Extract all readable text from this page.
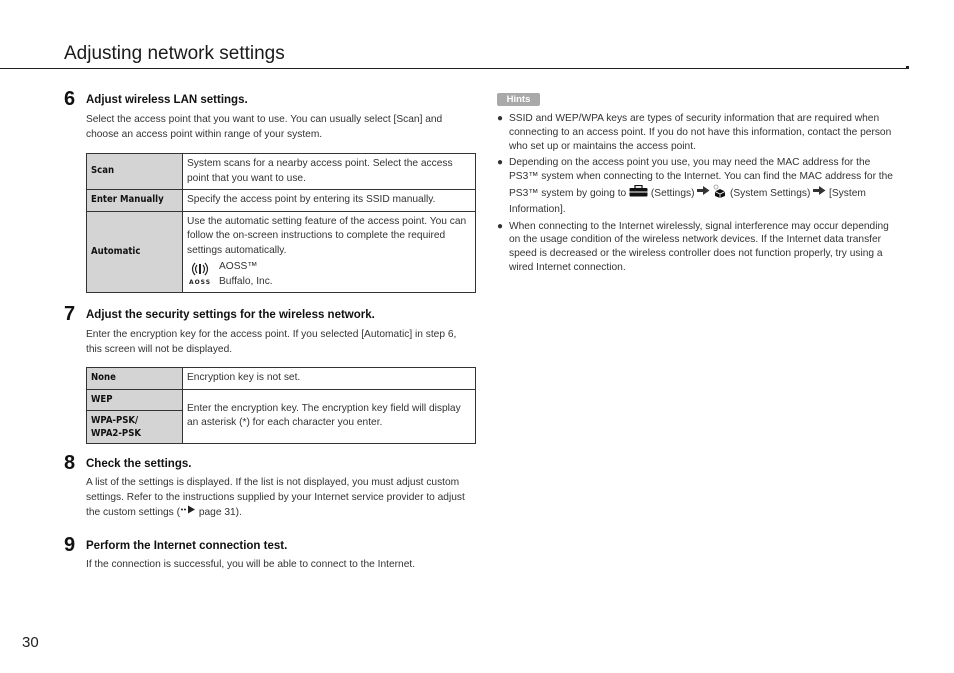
Adjusting network settings
6 Adjust wireless LAN settings.
Select the access point that you want to use. You can usually select [Scan] and choose an access point within range of your system.
Scan	System scans for a nearby access point. Select the access point that you want to use.
Enter Manually	Specify the access point by entering its SSID manually.
Automatic	Use the automatic setting feature of the access point. You can follow the on-screen instructions to complete the required settings automatically.
AOSS
AOSS™
Buffalo, Inc.
7 Adjust the security settings for the wireless network.
Enter the encryption key for the access point. If you selected [Automatic] in step 6, this screen will not be displayed.
None	Encryption key is not set.
WEP	Enter the encryption key. The encryption key field will display an asterisk (*) for each character you enter.

WPA-PSK/
WPA2-PSK	
8 Check the settings.
A list of the settings is displayed. If the list is not displayed, you must adjust custom settings. Refer to the instructions supplied by your Internet service provider to adjust the custom settings ( page 31).
9 Perform the Internet connection test.
If the connection is successful, you will be able to connect to the Internet.
Hints
● SSID and WEP/WPA keys are types of security information that are required when connecting to an access point. If you do not have this information, contact the person who set up or maintains the access point.
● Depending on the access point you use, you may need the MAC address for the PS3™ system when connecting to the Internet. You can find the MAC address for the PS3™ system by going to  (Settings)	(System Settings)  [System Information].
● When connecting to the Internet wirelessly, signal interference may occur depending on the usage condition of the wireless network devices. If the Internet data transfer speed is decreased or the wireless controller does not function properly, try using a wired Internet connection.
30
